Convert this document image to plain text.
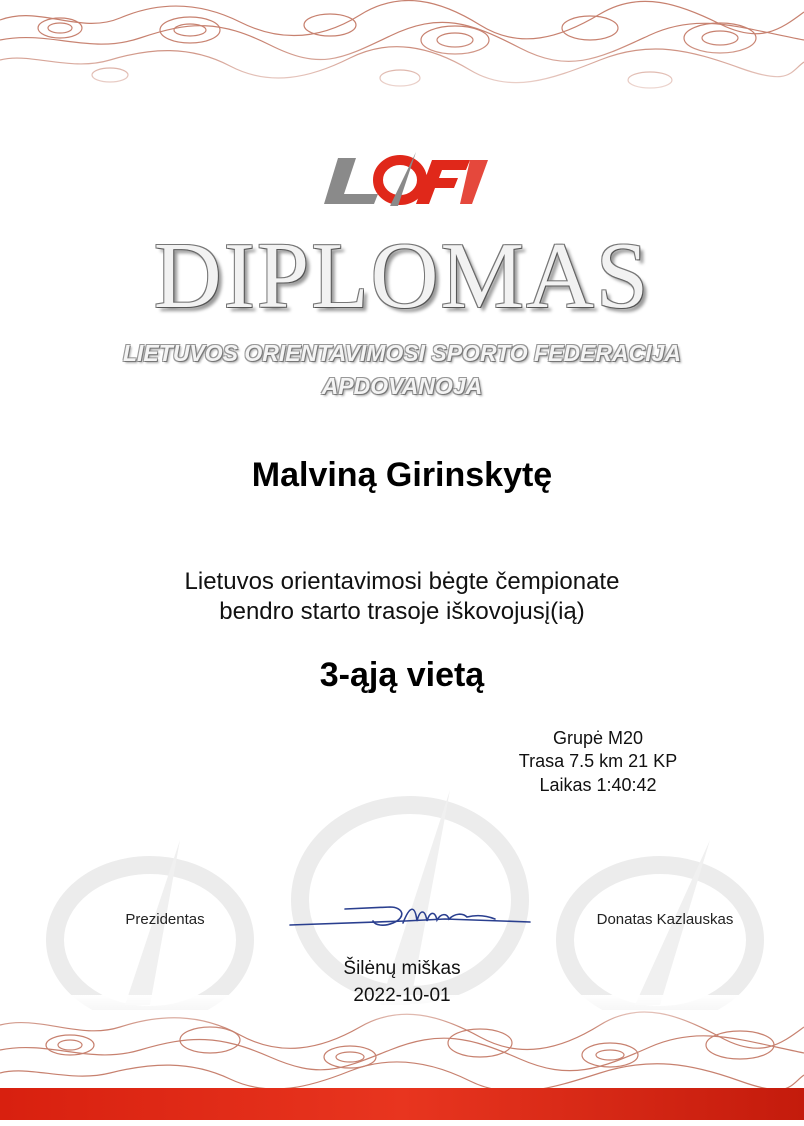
DIPLOMAS
LIETUVOS ORIENTAVIMOSI SPORTO FEDERACIJA
APDOVANOJA
Malviną Girinskytę
Lietuvos orientavimosi bėgte čempionate
bendro starto trasoje iškovojusį(ią)
3-ąją vietą
Grupė M20
Trasa 7.5 km 21 KP
Laikas 1:40:42
Prezidentas	Donatas Kazlauskas
Šilėnų miškas
2022-10-01
